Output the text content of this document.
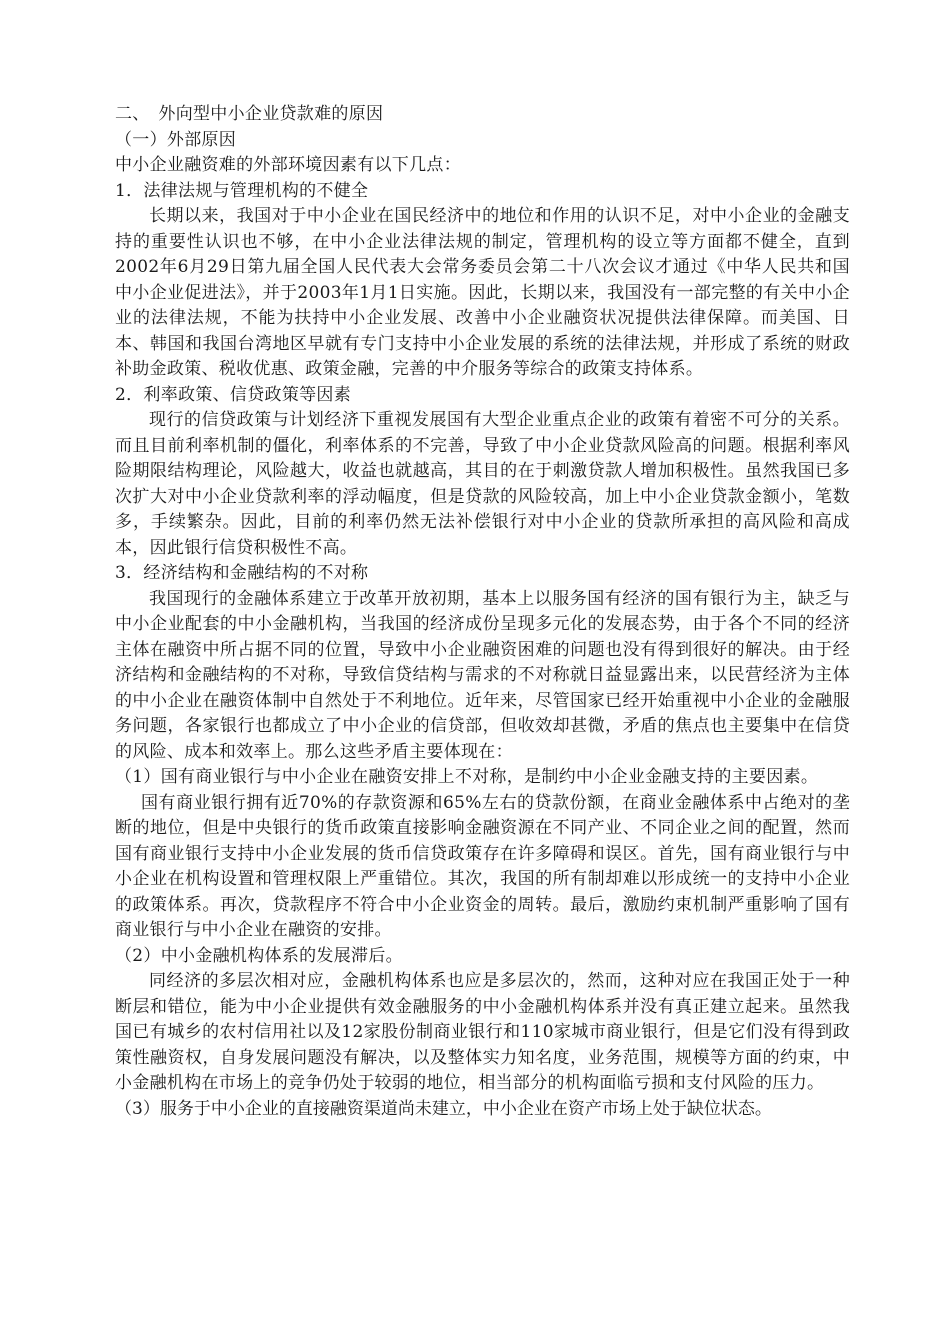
二、　外向型中小企业贷款难的原因

（一）外部原因

中小企业融资难的外部环境因素有以下几点：

1．法律法规与管理机构的不健全

长期以来，我国对于中小企业在国民经济中的地位和作用的认识不足，对中小企业的金融支持的重要性认识也不够，在中小企业法律法规的制定，管理机构的设立等方面都不健全，直到2002年6月29日第九届全国人民代表大会常务委员会第二十八次会议才通过《中华人民共和国中小企业促进法》，并于2003年1月1日实施。因此，长期以来，我国没有一部完整的有关中小企业的法律法规，不能为扶持中小企业发展、改善中小企业融资状况提供法律保障。而美国、日本、韩国和我国台湾地区早就有专门支持中小企业发展的系统的法律法规，并形成了系统的财政补助金政策、税收优惠、政策金融，完善的中介服务等综合的政策支持体系。

2．利率政策、信贷政策等因素

现行的信贷政策与计划经济下重视发展国有大型企业重点企业的政策有着密不可分的关系。而且目前利率机制的僵化，利率体系的不完善，导致了中小企业贷款风险高的问题。根据利率风险期限结构理论，风险越大，收益也就越高，其目的在于刺激贷款人增加积极性。虽然我国已多次扩大对中小企业贷款利率的浮动幅度，但是贷款的风险较高，加上中小企业贷款金额小，笔数多，手续繁杂。因此，目前的利率仍然无法补偿银行对中小企业的贷款所承担的高风险和高成本，因此银行信贷积极性不高。

3．经济结构和金融结构的不对称

我国现行的金融体系建立于改革开放初期，基本上以服务国有经济的国有银行为主，缺乏与中小企业配套的中小金融机构，当我国的经济成份呈现多元化的发展态势，由于各个不同的经济主体在融资中所占据不同的位置，导致中小企业融资困难的问题也没有得到很好的解决。由于经济结构和金融结构的不对称，导致信贷结构与需求的不对称就日益显露出来，以民营经济为主体的中小企业在融资体制中自然处于不利地位。近年来，尽管国家已经开始重视中小企业的金融服务问题，各家银行也都成立了中小企业的信贷部，但收效却甚微，矛盾的焦点也主要集中在信贷的风险、成本和效率上。那么这些矛盾主要体现在：

（1）国有商业银行与中小企业在融资安排上不对称，是制约中小企业金融支持的主要因素。

国有商业银行拥有近70%的存款资源和65%左右的贷款份额，在商业金融体系中占绝对的垄断的地位，但是中央银行的货币政策直接影响金融资源在不同产业、不同企业之间的配置，然而国有商业银行支持中小企业发展的货币信贷政策存在许多障碍和误区。首先，国有商业银行与中小企业在机构设置和管理权限上严重错位。其次，我国的所有制却难以形成统一的支持中小企业的政策体系。再次，贷款程序不符合中小企业资金的周转。最后，激励约束机制严重影响了国有商业银行与中小企业在融资的安排。

（2）中小金融机构体系的发展滞后。

同经济的多层次相对应，金融机构体系也应是多层次的，然而，这种对应在我国正处于一种断层和错位，能为中小企业提供有效金融服务的中小金融机构体系并没有真正建立起来。虽然我国已有城乡的农村信用社以及12家股份制商业银行和110家城市商业银行，但是它们没有得到政策性融资权，自身发展问题没有解决，以及整体实力知名度，业务范围，规模等方面的约束，中小金融机构在市场上的竞争仍处于较弱的地位，相当部分的机构面临亏损和支付风险的压力。

（3）服务于中小企业的直接融资渠道尚未建立，中小企业在资产市场上处于缺位状态。
